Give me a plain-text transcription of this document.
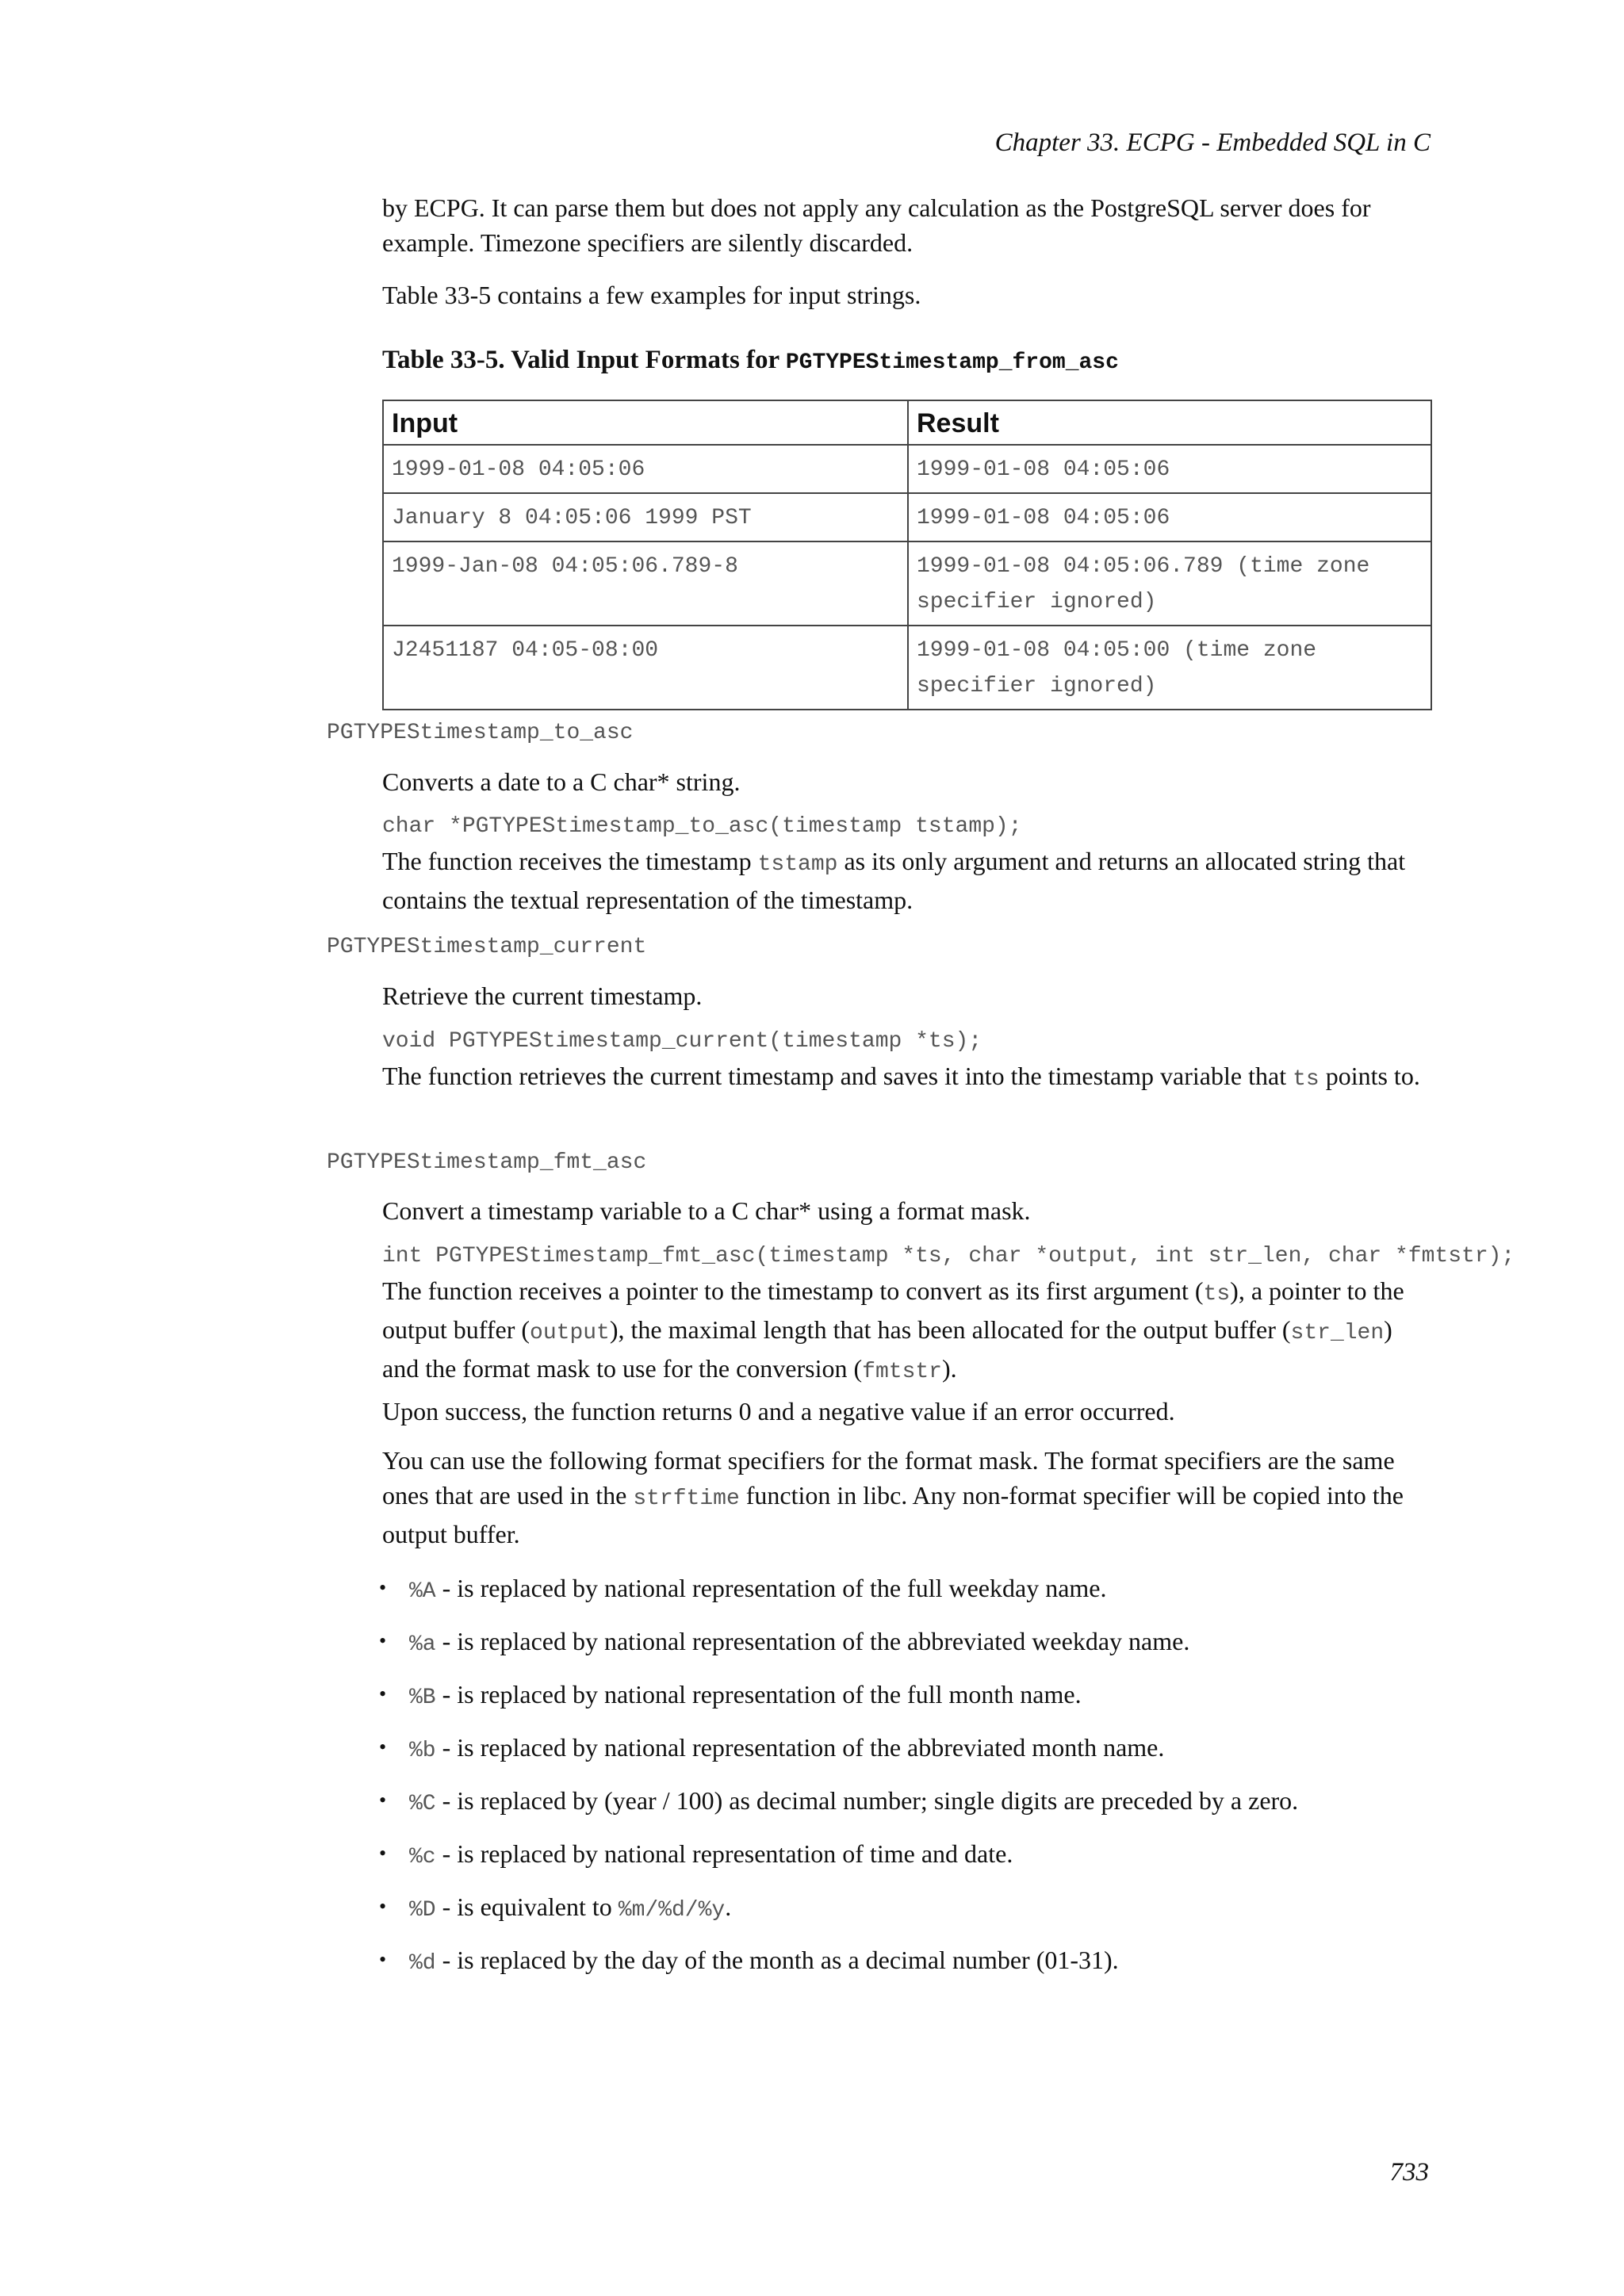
Chapter 33. ECPG - Embedded SQL in C

by ECPG. It can parse them but does not apply any calculation as the PostgreSQL server does for example. Timezone specifiers are silently discarded.

Table 33-5 contains a few examples for input strings.

Table 33-5. Valid Input Formats for PGTYPEStimestamp_from_asc
Input	Result
1999-01-08 04:05:06	1999-01-08 04:05:06
January 8 04:05:06 1999 PST	1999-01-08 04:05:06
1999-Jan-08 04:05:06.789-8	1999-01-08 04:05:06.789 (time zone specifier ignored)
J2451187 04:05-08:00	1999-01-08 04:05:00 (time zone specifier ignored)
PGTYPEStimestamp_to_asc

Converts a date to a C char* string.

char *PGTYPEStimestamp_to_asc(timestamp tstamp);

The function receives the timestamp tstamp as its only argument and returns an allocated string that contains the textual representation of the timestamp.

PGTYPEStimestamp_current

Retrieve the current timestamp.

void PGTYPEStimestamp_current(timestamp *ts);

The function retrieves the current timestamp and saves it into the timestamp variable that ts points to.

PGTYPEStimestamp_fmt_asc

Convert a timestamp variable to a C char* using a format mask.

int PGTYPEStimestamp_fmt_asc(timestamp *ts, char *output, int str_len, char *fmtstr);

The function receives a pointer to the timestamp to convert as its first argument (ts), a pointer to the output buffer (output), the maximal length that has been allocated for the output buffer (str_len) and the format mask to use for the conversion (fmtstr).

Upon success, the function returns 0 and a negative value if an error occurred.

You can use the following format specifiers for the format mask. The format specifiers are the same ones that are used in the strftime function in libc. Any non-format specifier will be copied into the output buffer.

• %A - is replaced by national representation of the full weekday name.
• %a - is replaced by national representation of the abbreviated weekday name.
• %B - is replaced by national representation of the full month name.
• %b - is replaced by national representation of the abbreviated month name.
• %C - is replaced by (year / 100) as decimal number; single digits are preceded by a zero.
• %c - is replaced by national representation of time and date.
• %D - is equivalent to %m/%d/%y.
• %d - is replaced by the day of the month as a decimal number (01-31).
733
